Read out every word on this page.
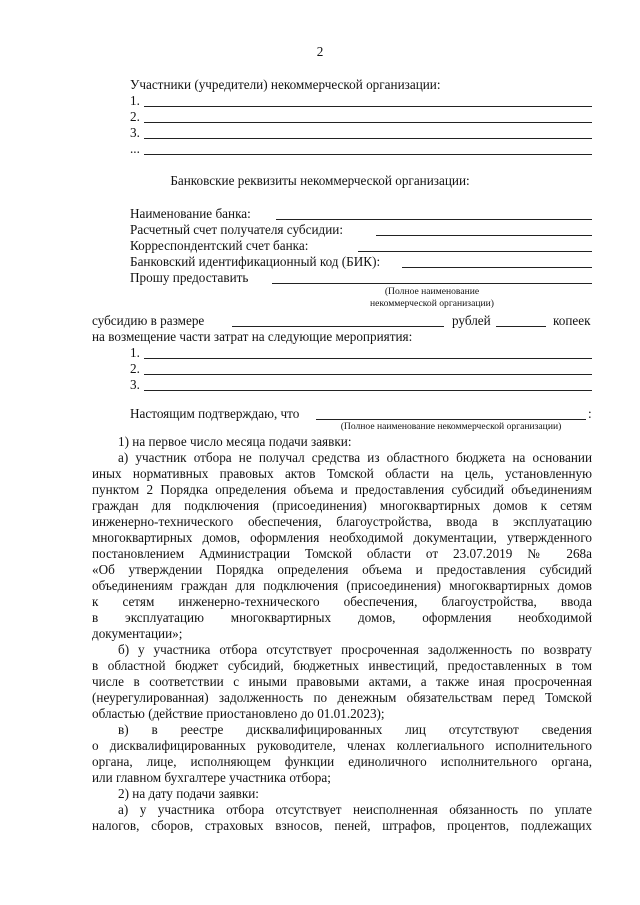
2
Участники (учредители) некоммерческой организации:
1.
2.
3.
...
Банковские реквизиты некоммерческой организации:
Наименование банка:
Расчетный счет получателя субсидии:
Корреспондентский счет банка:
Банковский идентификационный код (БИК):
Прошу предоставить
(Полное наименование
некоммерческой организации)
субсидию в размере	рублей	копеек
на возмещение части затрат на следующие мероприятия:
1.
2.
3.
Настоящим подтверждаю, что	:
(Полное наименование некоммерческой организации)
1) на первое число месяца подачи заявки:
а) участник отбора не получал средства из областного бюджета на основании
иных нормативных правовых актов Томской области на цель, установленную
пунктом 2 Порядка определения объема и предоставления субсидий объединениям
граждан для подключения (присоединения) многоквартирных домов к сетям
инженерно-технического обеспечения, благоустройства, ввода в эксплуатацию
многоквартирных домов, оформления необходимой документации, утвержденного
постановлением Администрации Томской области от 23.07.2019 № 268а
«Об утверждении Порядка определения объема и предоставления субсидий
объединениям граждан для подключения (присоединения) многоквартирных домов
к сетям инженерно-технического обеспечения, благоустройства, ввода
в эксплуатацию многоквартирных домов, оформления необходимой
документации»;
б) у участника отбора отсутствует просроченная задолженность по возврату
в областной бюджет субсидий, бюджетных инвестиций, предоставленных в том
числе в соответствии с иными правовыми актами, а также иная просроченная
(неурегулированная) задолженность по денежным обязательствам перед Томской
областью (действие приостановлено до 01.01.2023);
в) в реестре дисквалифицированных лиц отсутствуют сведения
о дисквалифицированных руководителе, членах коллегиального исполнительного
органа, лице, исполняющем функции единоличного исполнительного органа,
или главном бухгалтере участника отбора;
2) на дату подачи заявки:
а) у участника отбора отсутствует неисполненная обязанность по уплате
налогов, сборов, страховых взносов, пеней, штрафов, процентов, подлежащих
